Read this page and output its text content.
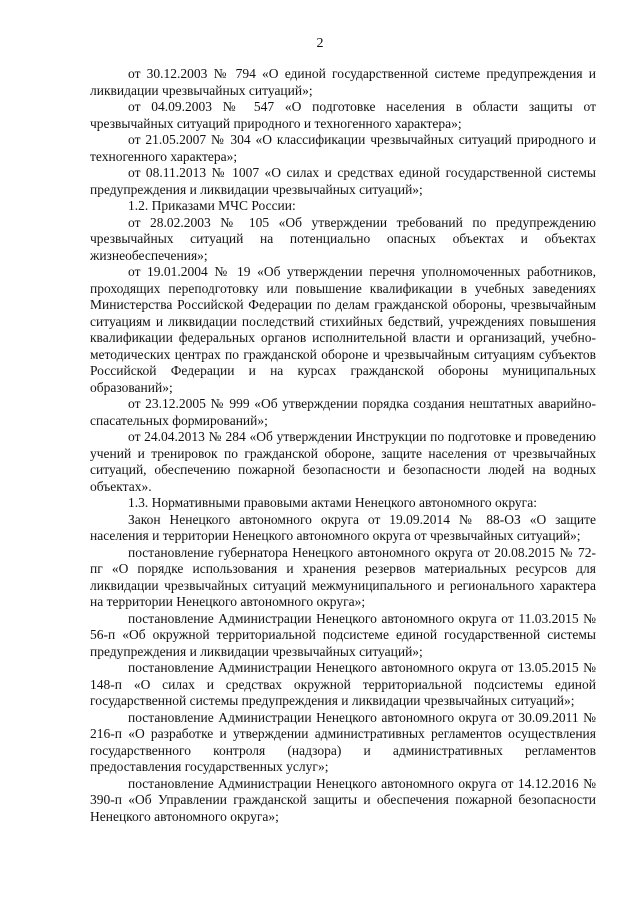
2

от 30.12.2003 № 794 «О единой государственной системе предупреждения и ликвидации чрезвычайных ситуаций»;

от 04.09.2003 № 547 «О подготовке населения в области защиты от чрезвычайных ситуаций природного и техногенного характера»;

от 21.05.2007 № 304 «О классификации чрезвычайных ситуаций природного и техногенного характера»;

от 08.11.2013 № 1007 «О силах и средствах единой государственной системы предупреждения и ликвидации чрезвычайных ситуаций»;

1.2. Приказами МЧС России:

от 28.02.2003 № 105 «Об утверждении требований по предупреждению чрезвычайных ситуаций на потенциально опасных объектах и объектах жизнеобеспечения»;

от 19.01.2004 № 19 «Об утверждении перечня уполномоченных работников, проходящих переподготовку или повышение квалификации в учебных заведениях Министерства Российской Федерации по делам гражданской обороны, чрезвычайным ситуациям и ликвидации последствий стихийных бедствий, учреждениях повышения квалификации федеральных органов исполнительной власти и организаций, учебно-методических центрах по гражданской обороне и чрезвычайным ситуациям субъектов Российской Федерации и на курсах гражданской обороны муниципальных образований»;

от 23.12.2005 № 999 «Об утверждении порядка создания нештатных аварийно-спасательных формирований»;

от 24.04.2013 № 284 «Об утверждении Инструкции по подготовке и проведению учений и тренировок по гражданской обороне, защите населения от чрезвычайных ситуаций, обеспечению пожарной безопасности и безопасности людей на водных объектах».

1.3. Нормативными правовыми актами Ненецкого автономного округа:

Закон Ненецкого автономного округа от 19.09.2014 № 88-ОЗ «О защите населения и территории Ненецкого автономного округа от чрезвычайных ситуаций»;

постановление губернатора Ненецкого автономного округа от 20.08.2015 № 72-пг «О порядке использования и хранения резервов материальных ресурсов для ликвидации чрезвычайных ситуаций межмуниципального и регионального характера на территории Ненецкого автономного округа»;

постановление Администрации Ненецкого автономного округа от 11.03.2015 № 56-п «Об окружной территориальной подсистеме единой государственной системы предупреждения и ликвидации чрезвычайных ситуаций»;

постановление Администрации Ненецкого автономного округа от 13.05.2015 № 148-п «О силах и средствах окружной территориальной подсистемы единой государственной системы предупреждения и ликвидации чрезвычайных ситуаций»;

постановление Администрации Ненецкого автономного округа от 30.09.2011 № 216-п «О разработке и утверждении административных регламентов осуществления государственного контроля (надзора) и административных регламентов предоставления государственных услуг»;

постановление Администрации Ненецкого автономного округа от 14.12.2016 № 390-п «Об Управлении гражданской защиты и обеспечения пожарной безопасности Ненецкого автономного округа»;
